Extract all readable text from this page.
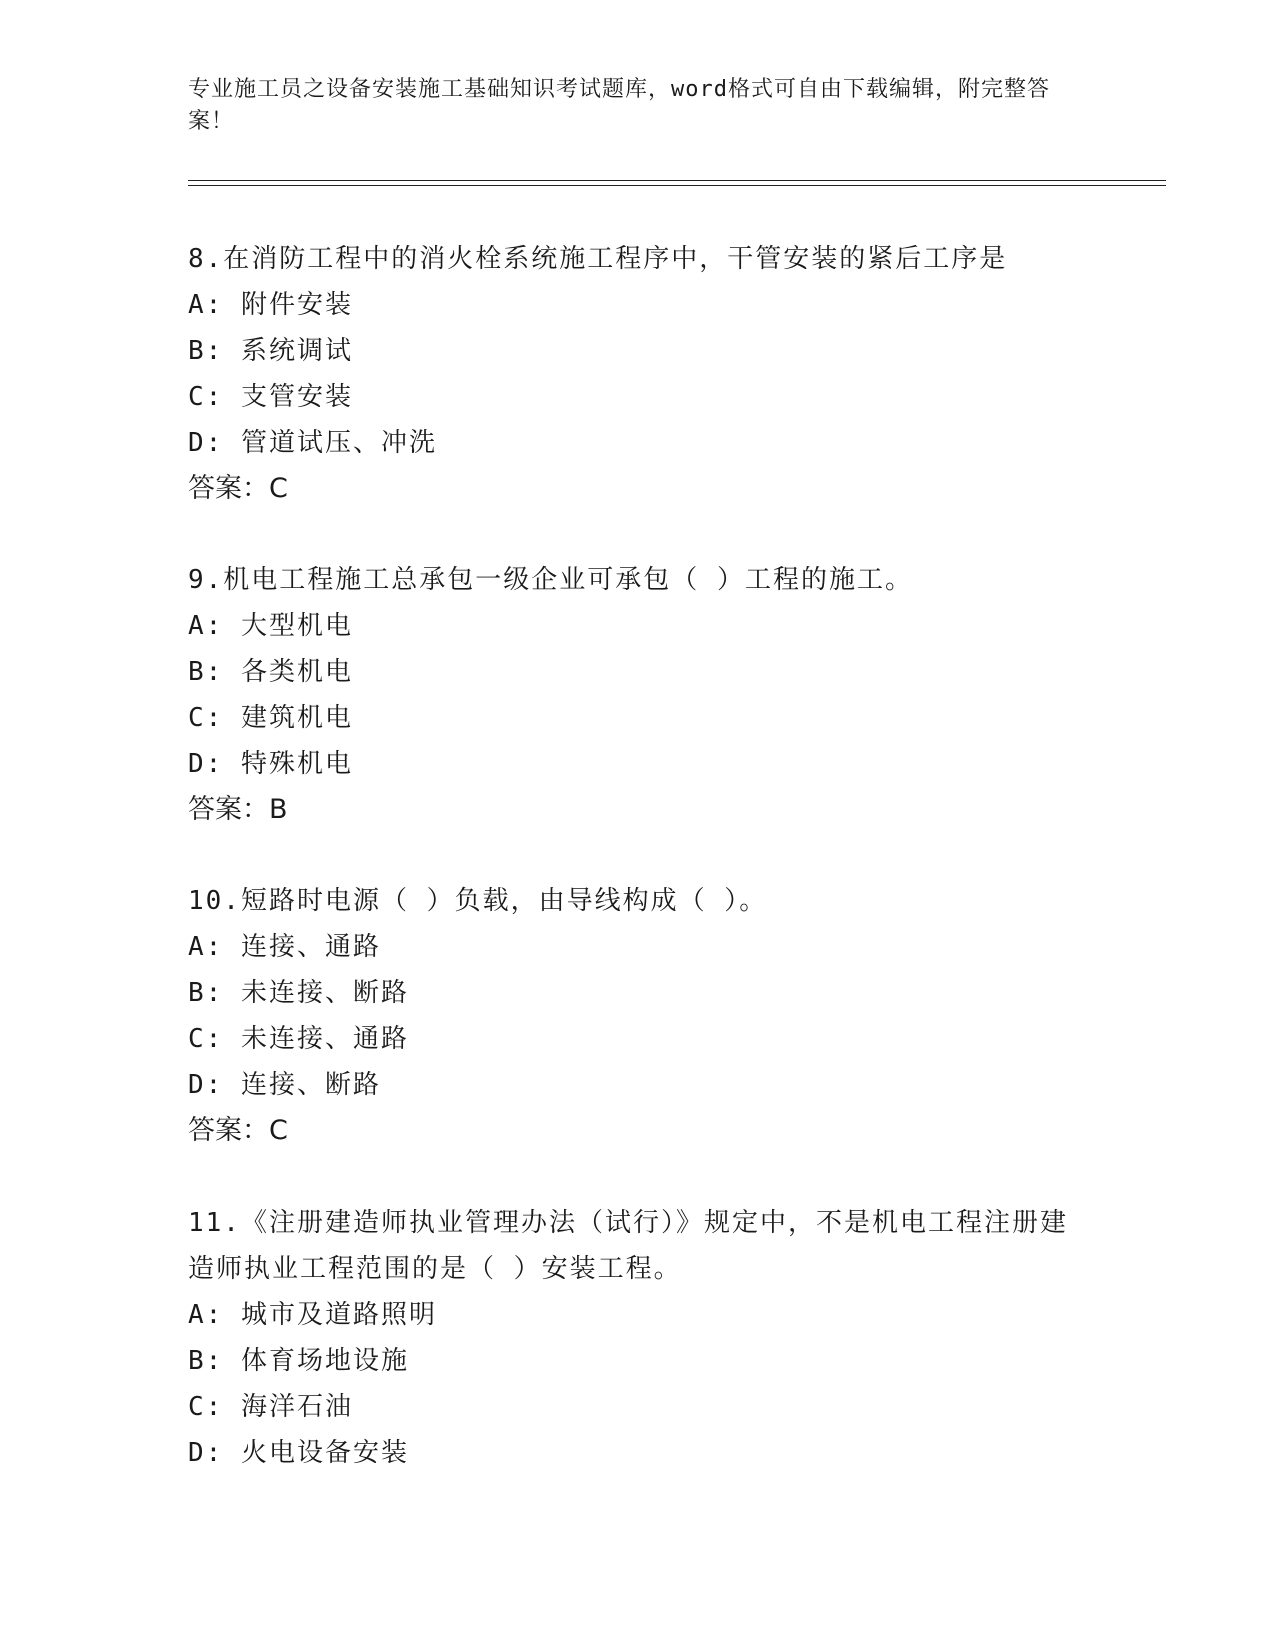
专业施工员之设备安装施工基础知识考试题库，word格式可自由下载编辑，附完整答案！
8.在消防工程中的消火栓系统施工程序中，干管安装的紧后工序是
A: 附件安装
B: 系统调试
C: 支管安装
D: 管道试压、冲洗
答案：C
9.机电工程施工总承包一级企业可承包（ ）工程的施工。
A: 大型机电
B: 各类机电
C: 建筑机电
D: 特殊机电
答案：B
10.短路时电源（ ）负载，由导线构成（ ）。
A: 连接、通路
B: 未连接、断路
C: 未连接、通路
D: 连接、断路
答案：C
11.《注册建造师执业管理办法（试行）》规定中，不是机电工程注册建造师执业工程范围的是（ ）安装工程。
A: 城市及道路照明
B: 体育场地设施
C: 海洋石油
D: 火电设备安装
